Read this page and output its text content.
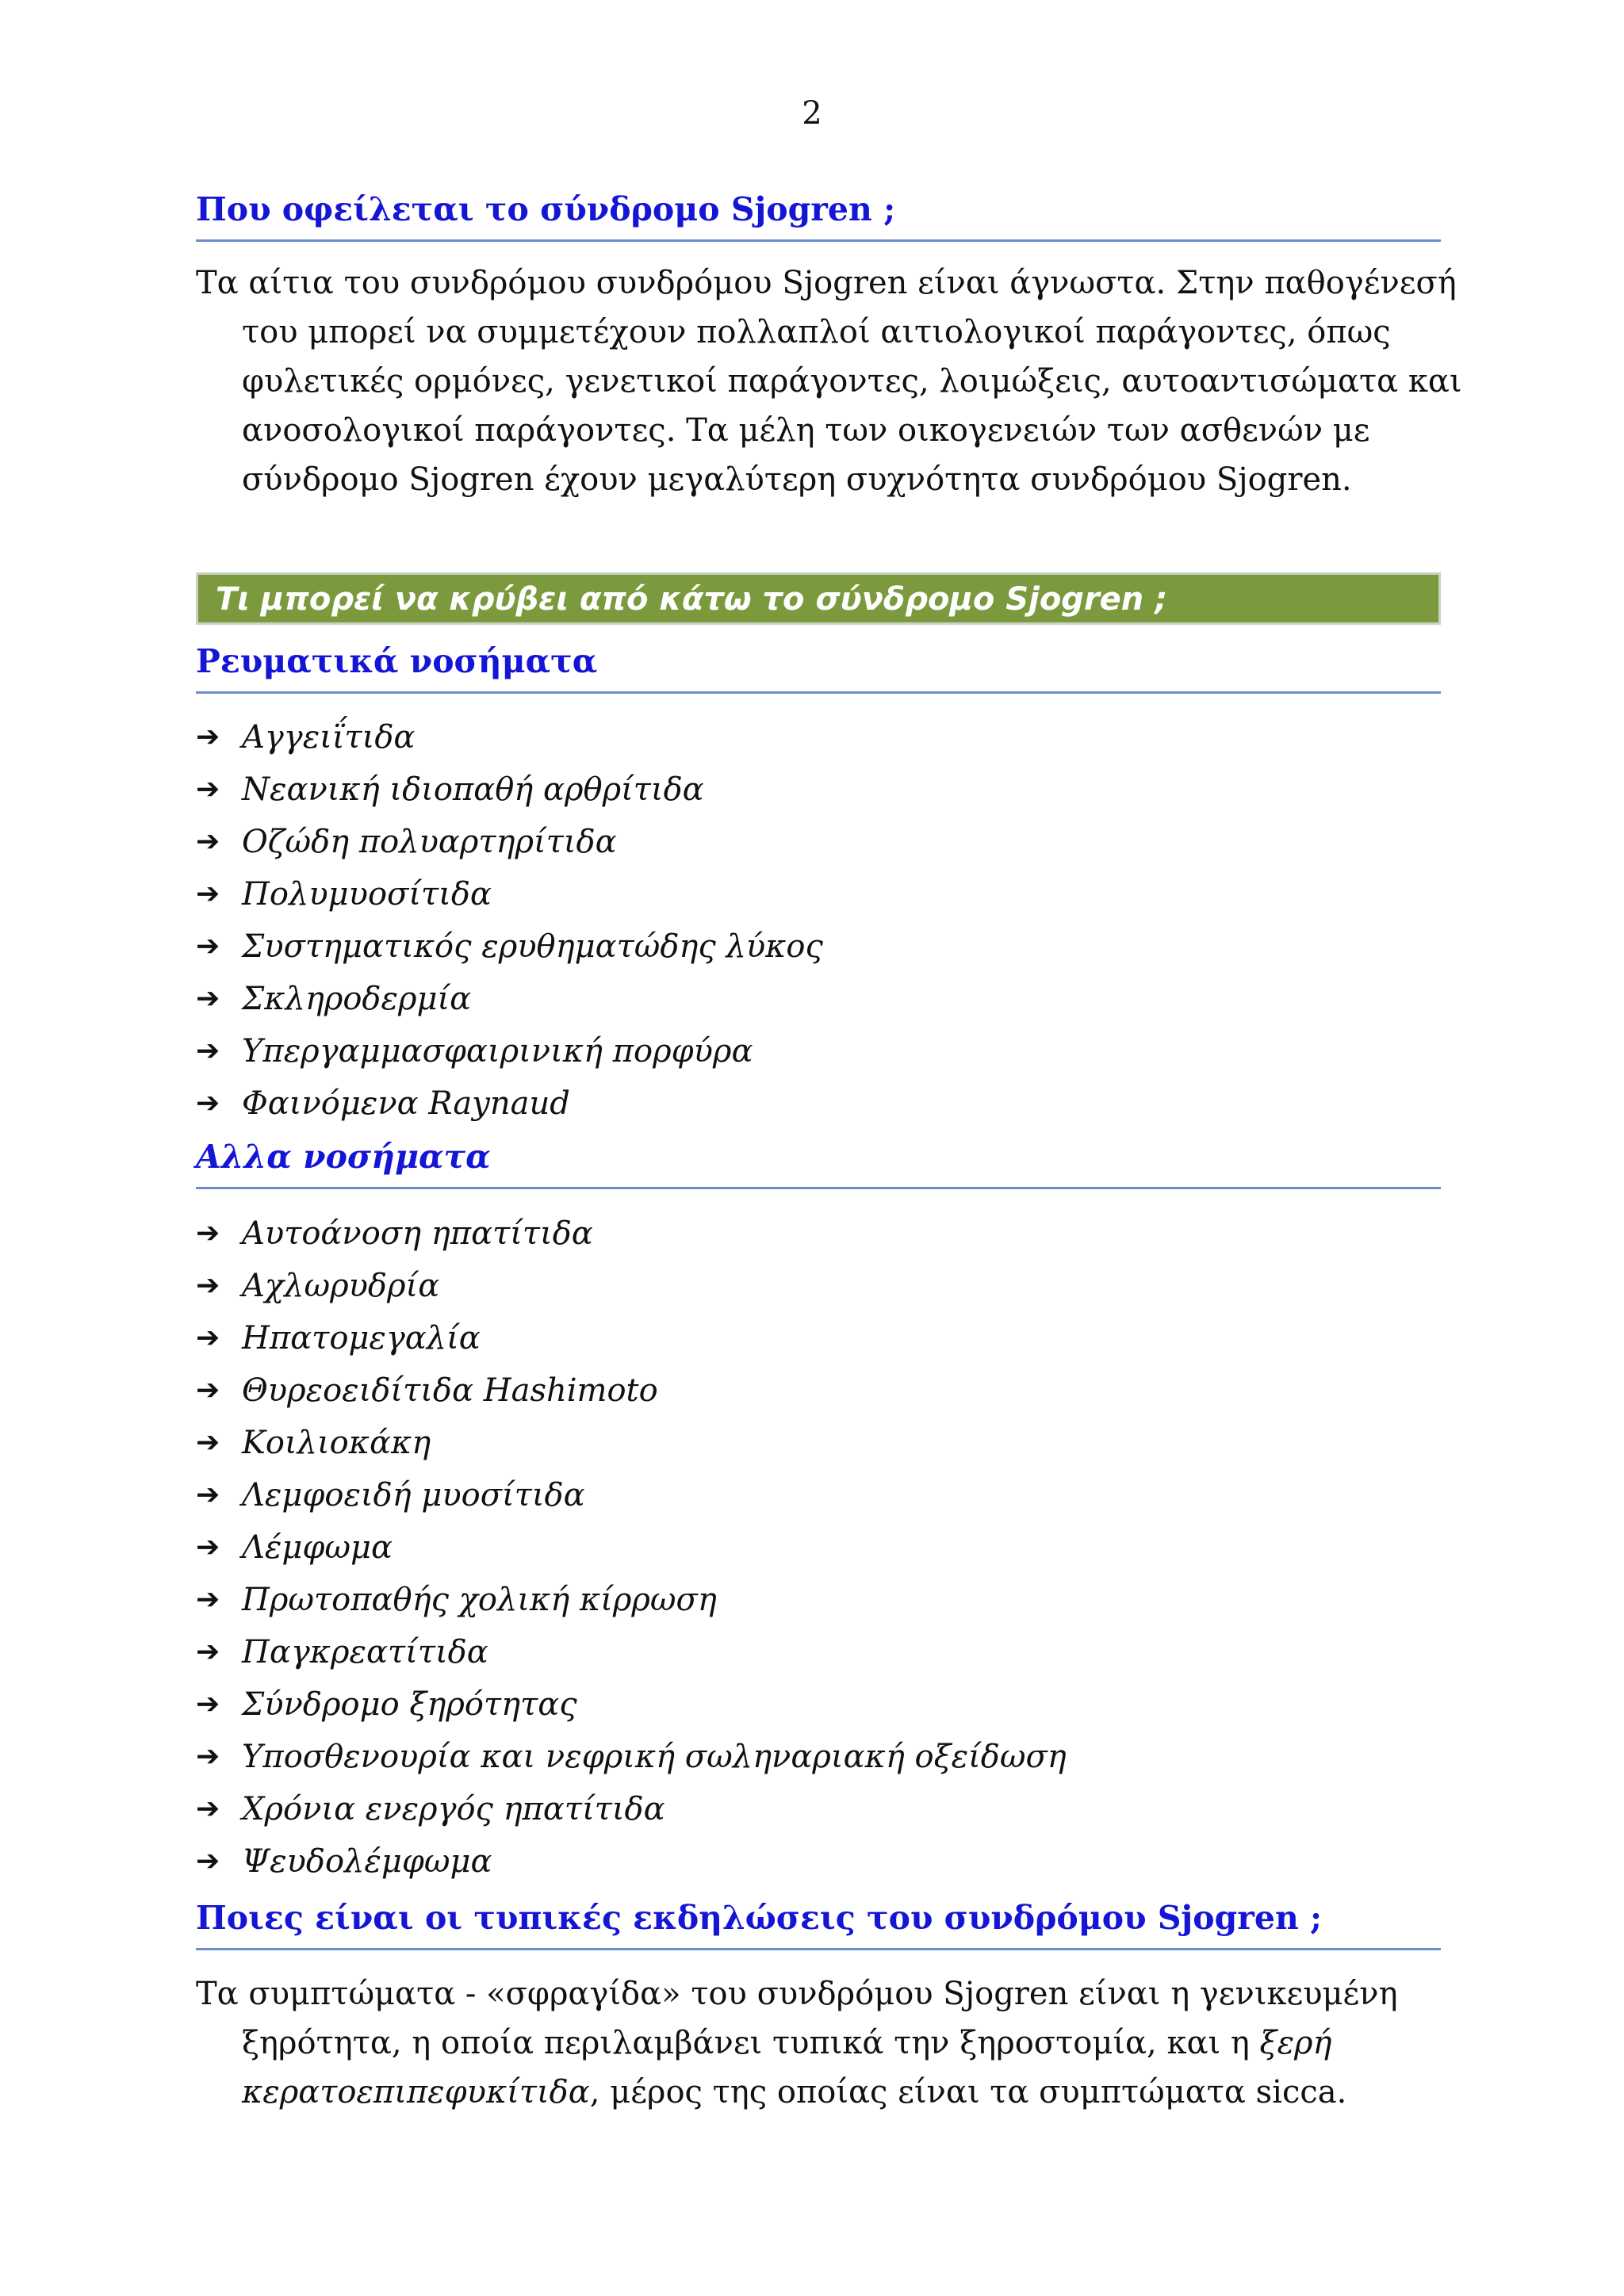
2
Που οφείλεται το σύνδρομο Sjogren ;
Τα αίτια του συνδρόμου συνδρόμου Sjogren είναι άγνωστα. Στην παθογένεσή του μπορεί να συμμετέχουν πολλαπλοί αιτιολογικοί παράγοντες, όπως φυλετικές ορμόνες, γενετικοί παράγοντες, λοιμώξεις, αυτοαντισώματα και ανοσολογικοί παράγοντες. Τα μέλη των οικογενειών των ασθενών με σύνδρομο Sjogren έχουν μεγαλύτερη συχνότητα συνδρόμου Sjogren.
Τι μπορεί να κρύβει από κάτω το σύνδρομο Sjogren ;
Ρευματικά νοσήματα
➔ Αγγειΐτιδα
➔ Νεανική ιδιοπαθή αρθρίτιδα
➔ Οζώδη πολυαρτηρίτιδα
➔ Πολυμυοσίτιδα
➔ Συστηματικός ερυθηματώδης λύκος
➔ Σκληροδερμία
➔ Υπεργαμμασφαιρινική πορφύρα
➔ Φαινόμενα Raynaud
Αλλα νοσήματα
➔ Αυτοάνοση ηπατίτιδα
➔ Αχλωρυδρία
➔ Ηπατομεγαλία
➔ Θυρεοειδίτιδα Hashimoto
➔ Κοιλιοκάκη
➔ Λεμφοειδή μυοσίτιδα
➔ Λέμφωμα
➔ Πρωτοπαθής χολική κίρρωση
➔ Παγκρεατίτιδα
➔ Σύνδρομο ξηρότητας
➔ Υποσθενουρία και νεφρική σωληναριακή οξείδωση
➔ Χρόνια ενεργός ηπατίτιδα
➔ Ψευδολέμφωμα
Ποιες είναι οι τυπικές εκδηλώσεις του συνδρόμου Sjogren ;
Τα συμπτώματα - «σφραγίδα» του συνδρόμου Sjogren είναι η γενικευμένη ξηρότητα, η οποία περιλαμβάνει τυπικά την ξηροστομία, και η ξερή κερατοεπιπεφυκίτιδα, μέρος της οποίας είναι τα συμπτώματα sicca.
